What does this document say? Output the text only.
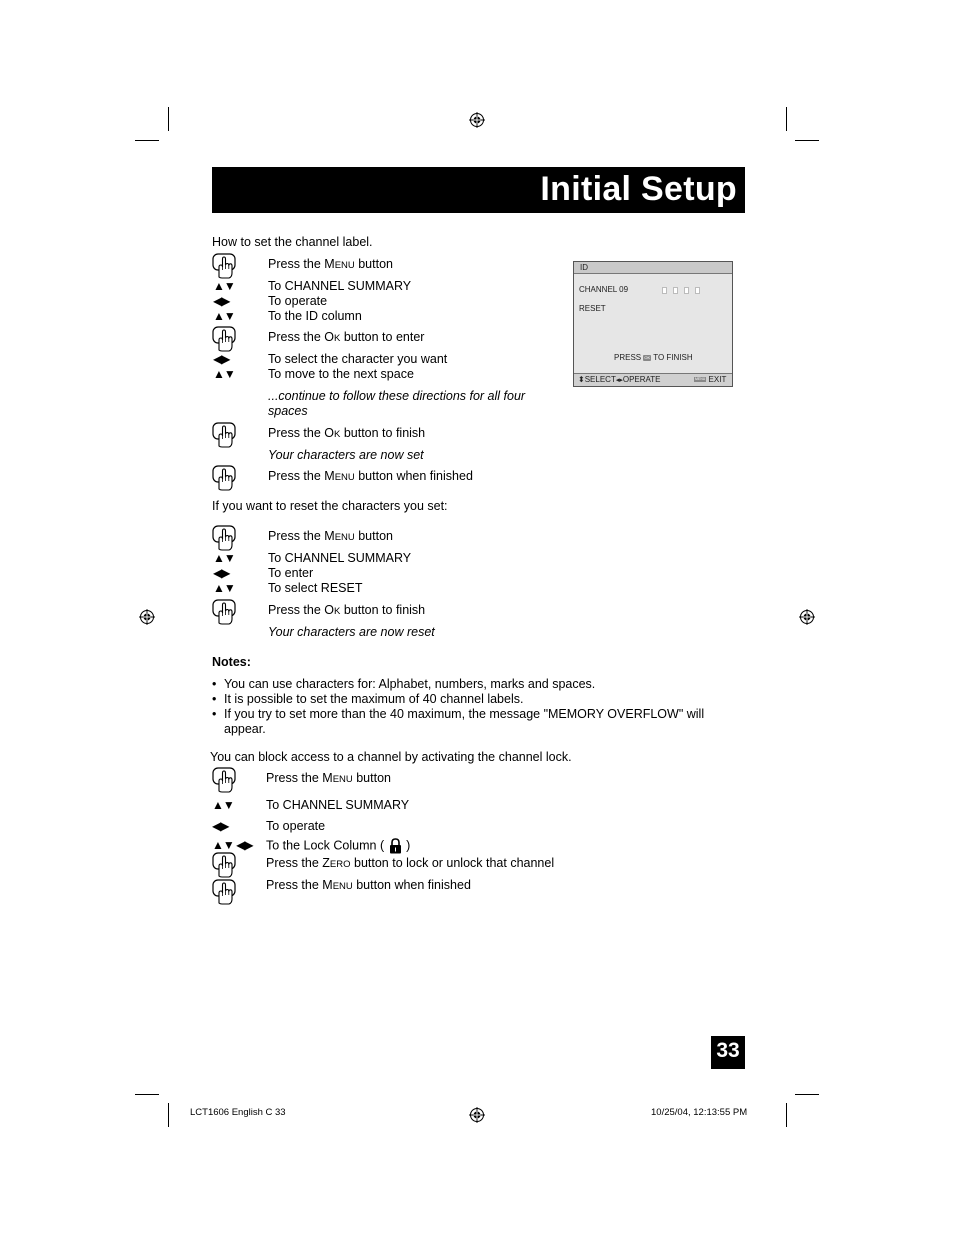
Initial Setup
How to set the channel label.
Press the MENU button
▲▼	To CHANNEL SUMMARY
◀▶	To operate
▲▼	To the ID column
Press the OK button to enter
◀▶	To select the character you want
▲▼	To move to the next space
...continue to follow these directions for all four
spaces
Press the OK button to finish
Your characters are now set
Press the MENU button when finished
ID
CHANNEL 09
RESET
PRESS OK TO FINISH
⬍SELECT◂▸OPERATE	MENU EXIT
If you want to reset the characters you set:
Press the MENU button
▲▼	To CHANNEL SUMMARY
◀▶	To enter
▲▼	To select RESET
Press the OK button to finish
Your characters are now reset
Notes:
• You can use characters for: Alphabet, numbers, marks and spaces.
• It is possible to set the maximum of 40 channel labels.
• If you try to set more than the 40 maximum, the message "MEMORY OVERFLOW" will appear.
You can block access to a channel by activating the channel lock.
Press the MENU button
▲▼	To CHANNEL SUMMARY
◀▶	To operate
▲▼ ◀▶ To the Lock Column ( )
Press the ZERO button to lock or unlock that channel
Press the MENU button when finished
33
LCT1606 English C 33	10/25/04, 12:13:55 PM
